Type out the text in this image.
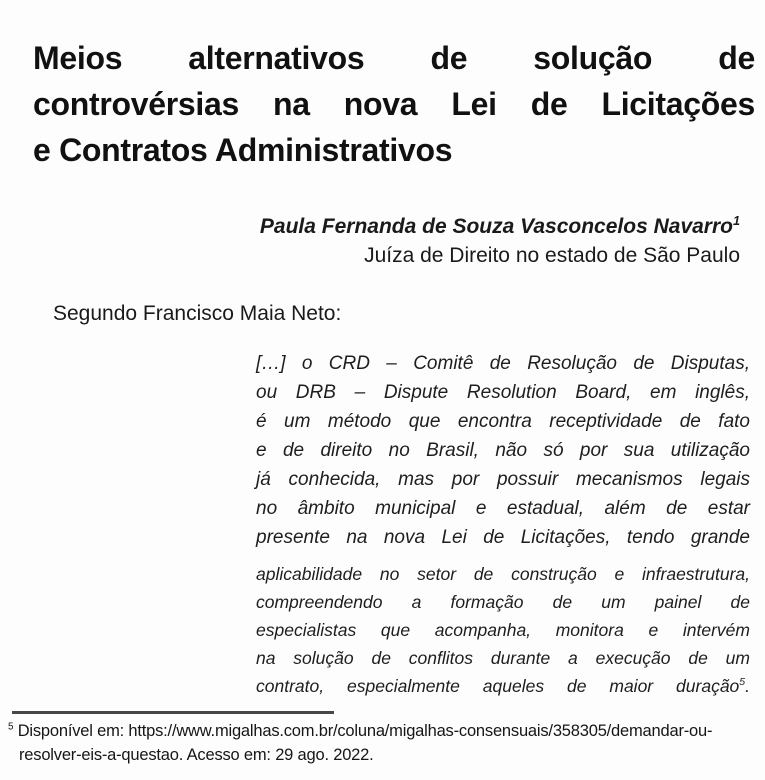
Meios alternativos de solução de
controvérsias na nova Lei de Licitações
e Contratos Administrativos
Paula Fernanda de Souza Vasconcelos Navarro$^1$
Juíza de Direito no estado de São Paulo
Segundo Francisco Maia Neto:
[…] o CRD – Comitê de Resolução de Disputas,
ou DRB – Dispute Resolution Board, em inglês,
é um método que encontra receptividade de fato
e de direito no Brasil, não só por sua utilização
já conhecida, mas por possuir mecanismos legais
no âmbito municipal e estadual, além de estar
presente na nova Lei de Licitações, tendo grande
aplicabilidade no setor de construção e infraestrutura,
compreendendo a formação de um painel de
especialistas que acompanha, monitora e intervém
na solução de conflitos durante a execução de um
contrato, especialmente aqueles de maior duração$^5$.
$^5$ Disponível em: https://www.migalhas.com.br/coluna/migalhas-consensuais/358305/demandar-ou-
resolver-eis-a-questao. Acesso em: 29 ago. 2022.
